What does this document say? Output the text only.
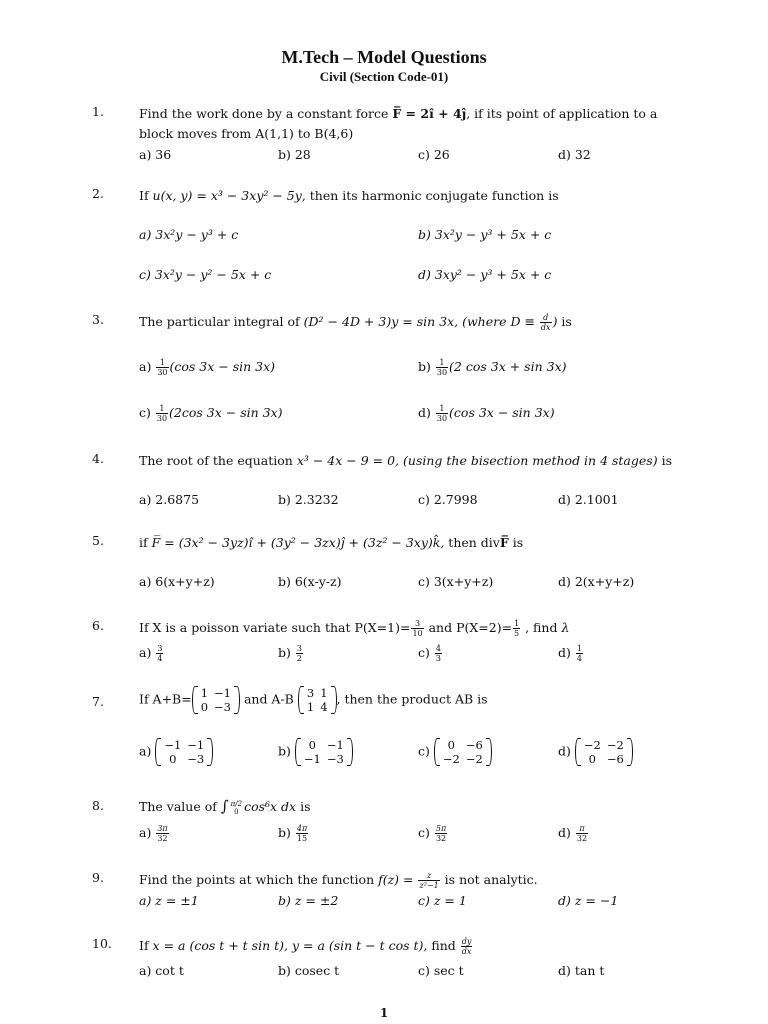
M.Tech – Model Questions
Civil (Section Code-01)
1.	Find the work done by a constant force F̅ = 2î + 4ĵ, if its point of application to a block moves from A(1,1) to B(4,6)
a) 36	b) 28	c) 26	d) 32
2.	If u(x, y) = x³ − 3xy² − 5y, then its harmonic conjugate function is
a) 3x²y − y³ + c	b) 3x²y − y³ + 5x + c
c) 3x²y − y² − 5x + c	d) 3xy² − y³ + 5x + c
3.	The particular integral of (D² − 4D + 3)y = sin 3x, (where $D \equiv \frac{d}{dx}$ ) is
$a) \frac{1}{30} (\cos$ 3x − sin 3x)	$b) \frac{1}{30} (2$ cos 3x + sin 3x)
$c) \frac{1}{30} (2\cos$ 3x − sin 3x)	$d) \frac{1}{30} (\cos$ 3x − sin 3x)
4.	The root of the equation x³ − 4x − 9 = 0, (using the bisection method in 4 stages) is
a) 2.6875	b) 2.3232	c) 2.7998	d) 2.1001
5.	if F̅ = (3x² − 3yz)î + (3y² − 3zx)ĵ + (3z² − 3xy)k̂, then divF̅ is
a) 6(x+y+z)	b) 6(x-y-z)	c) 3(x+y+z)	d) 2(x+y+z)
6.	If X is a poisson variate such that $P(X=1)= \frac{3}{10}$ and $P(X=2)= \frac{1}{5}$ , find λ
$a) \frac{3}{4}$	$b) \frac{3}{2}$	$c) \frac{4}{3}$	$d) \frac{1}{4}$
7.	If A+B= 1	−1
0	−3
and A-B 3	1
1	4
, then the product AB is
a) −1	−1
0	−3
b) 0	−1
−1	−3
c) 0	−6
−2	−2
d) −2	−2
0	−6
8.	The value of ∫ π/2
0 cos⁶x dx is
$a) \frac{3\pi}{32}$	$b) \frac{4\pi}{15}$	$c) \frac{5\pi}{32}$	$d) \frac{\pi}{32}$
9.	Find the points at which the function $f(z) = \frac{z}{\text{z²−1}}$ is not analytic.
a) z = ±1	b) z = ±2	c) z = 1	d) z = −1
10. If x = a (cos t + t sin t), y = a (sin t − t cos t), find $\frac{dy}{dx}$
a) cot t	b) cosec t	c) sec t	d) tan t
1
